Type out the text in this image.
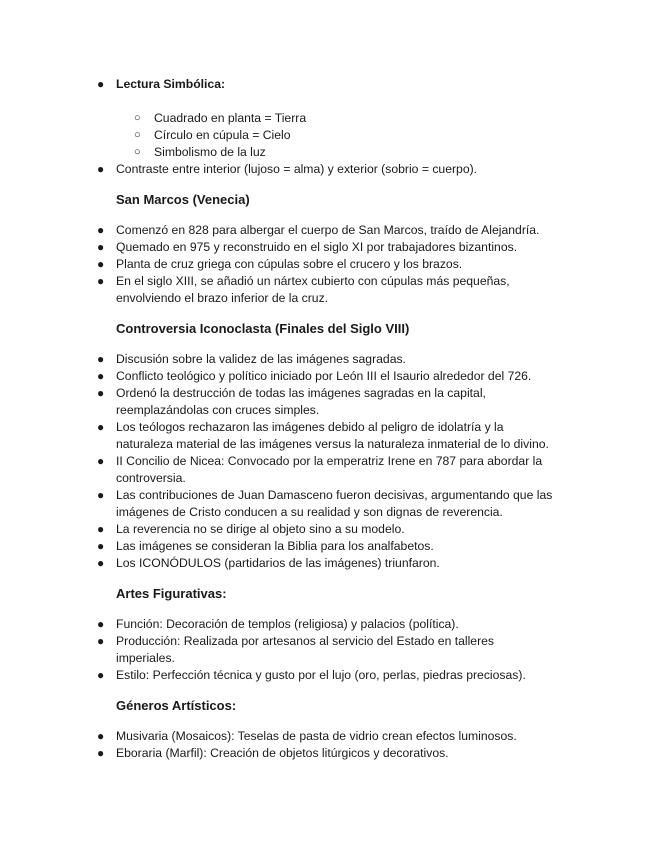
● Lectura Simbólica:
○ Cuadrado en planta = Tierra
○ Círculo en cúpula = Cielo
○ Simbolismo de la luz
● Contraste entre interior (lujoso = alma) y exterior (sobrio = cuerpo).
San Marcos (Venecia)
● Comenzó en 828 para albergar el cuerpo de San Marcos, traído de Alejandría.
● Quemado en 975 y reconstruido en el siglo XI por trabajadores bizantinos.
● Planta de cruz griega con cúpulas sobre el crucero y los brazos.
● En el siglo XIII, se añadió un nártex cubierto con cúpulas más pequeñas,
envolviendo el brazo inferior de la cruz.
Controversia Iconoclasta (Finales del Siglo VIII)
● Discusión sobre la validez de las imágenes sagradas.
● Conflicto teológico y político iniciado por León III el Isaurio alrededor del 726.
● Ordenó la destrucción de todas las imágenes sagradas en la capital,
reemplazándolas con cruces simples.
● Los teólogos rechazaron las imágenes debido al peligro de idolatría y la
naturaleza material de las imágenes versus la naturaleza inmaterial de lo divino.
● II Concilio de Nicea: Convocado por la emperatriz Irene en 787 para abordar la
controversia.
● Las contribuciones de Juan Damasceno fueron decisivas, argumentando que las
imágenes de Cristo conducen a su realidad y son dignas de reverencia.
● La reverencia no se dirige al objeto sino a su modelo.
● Las imágenes se consideran la Biblia para los analfabetos.
● Los ICONÓDULOS (partidarios de las imágenes) triunfaron.
Artes Figurativas:
● Función: Decoración de templos (religiosa) y palacios (política).
● Producción: Realizada por artesanos al servicio del Estado en talleres
imperiales.
● Estilo: Perfección técnica y gusto por el lujo (oro, perlas, piedras preciosas).
Géneros Artísticos:
● Musivaria (Mosaicos): Teselas de pasta de vidrio crean efectos luminosos.
● Eboraria (Marfil): Creación de objetos litúrgicos y decorativos.
